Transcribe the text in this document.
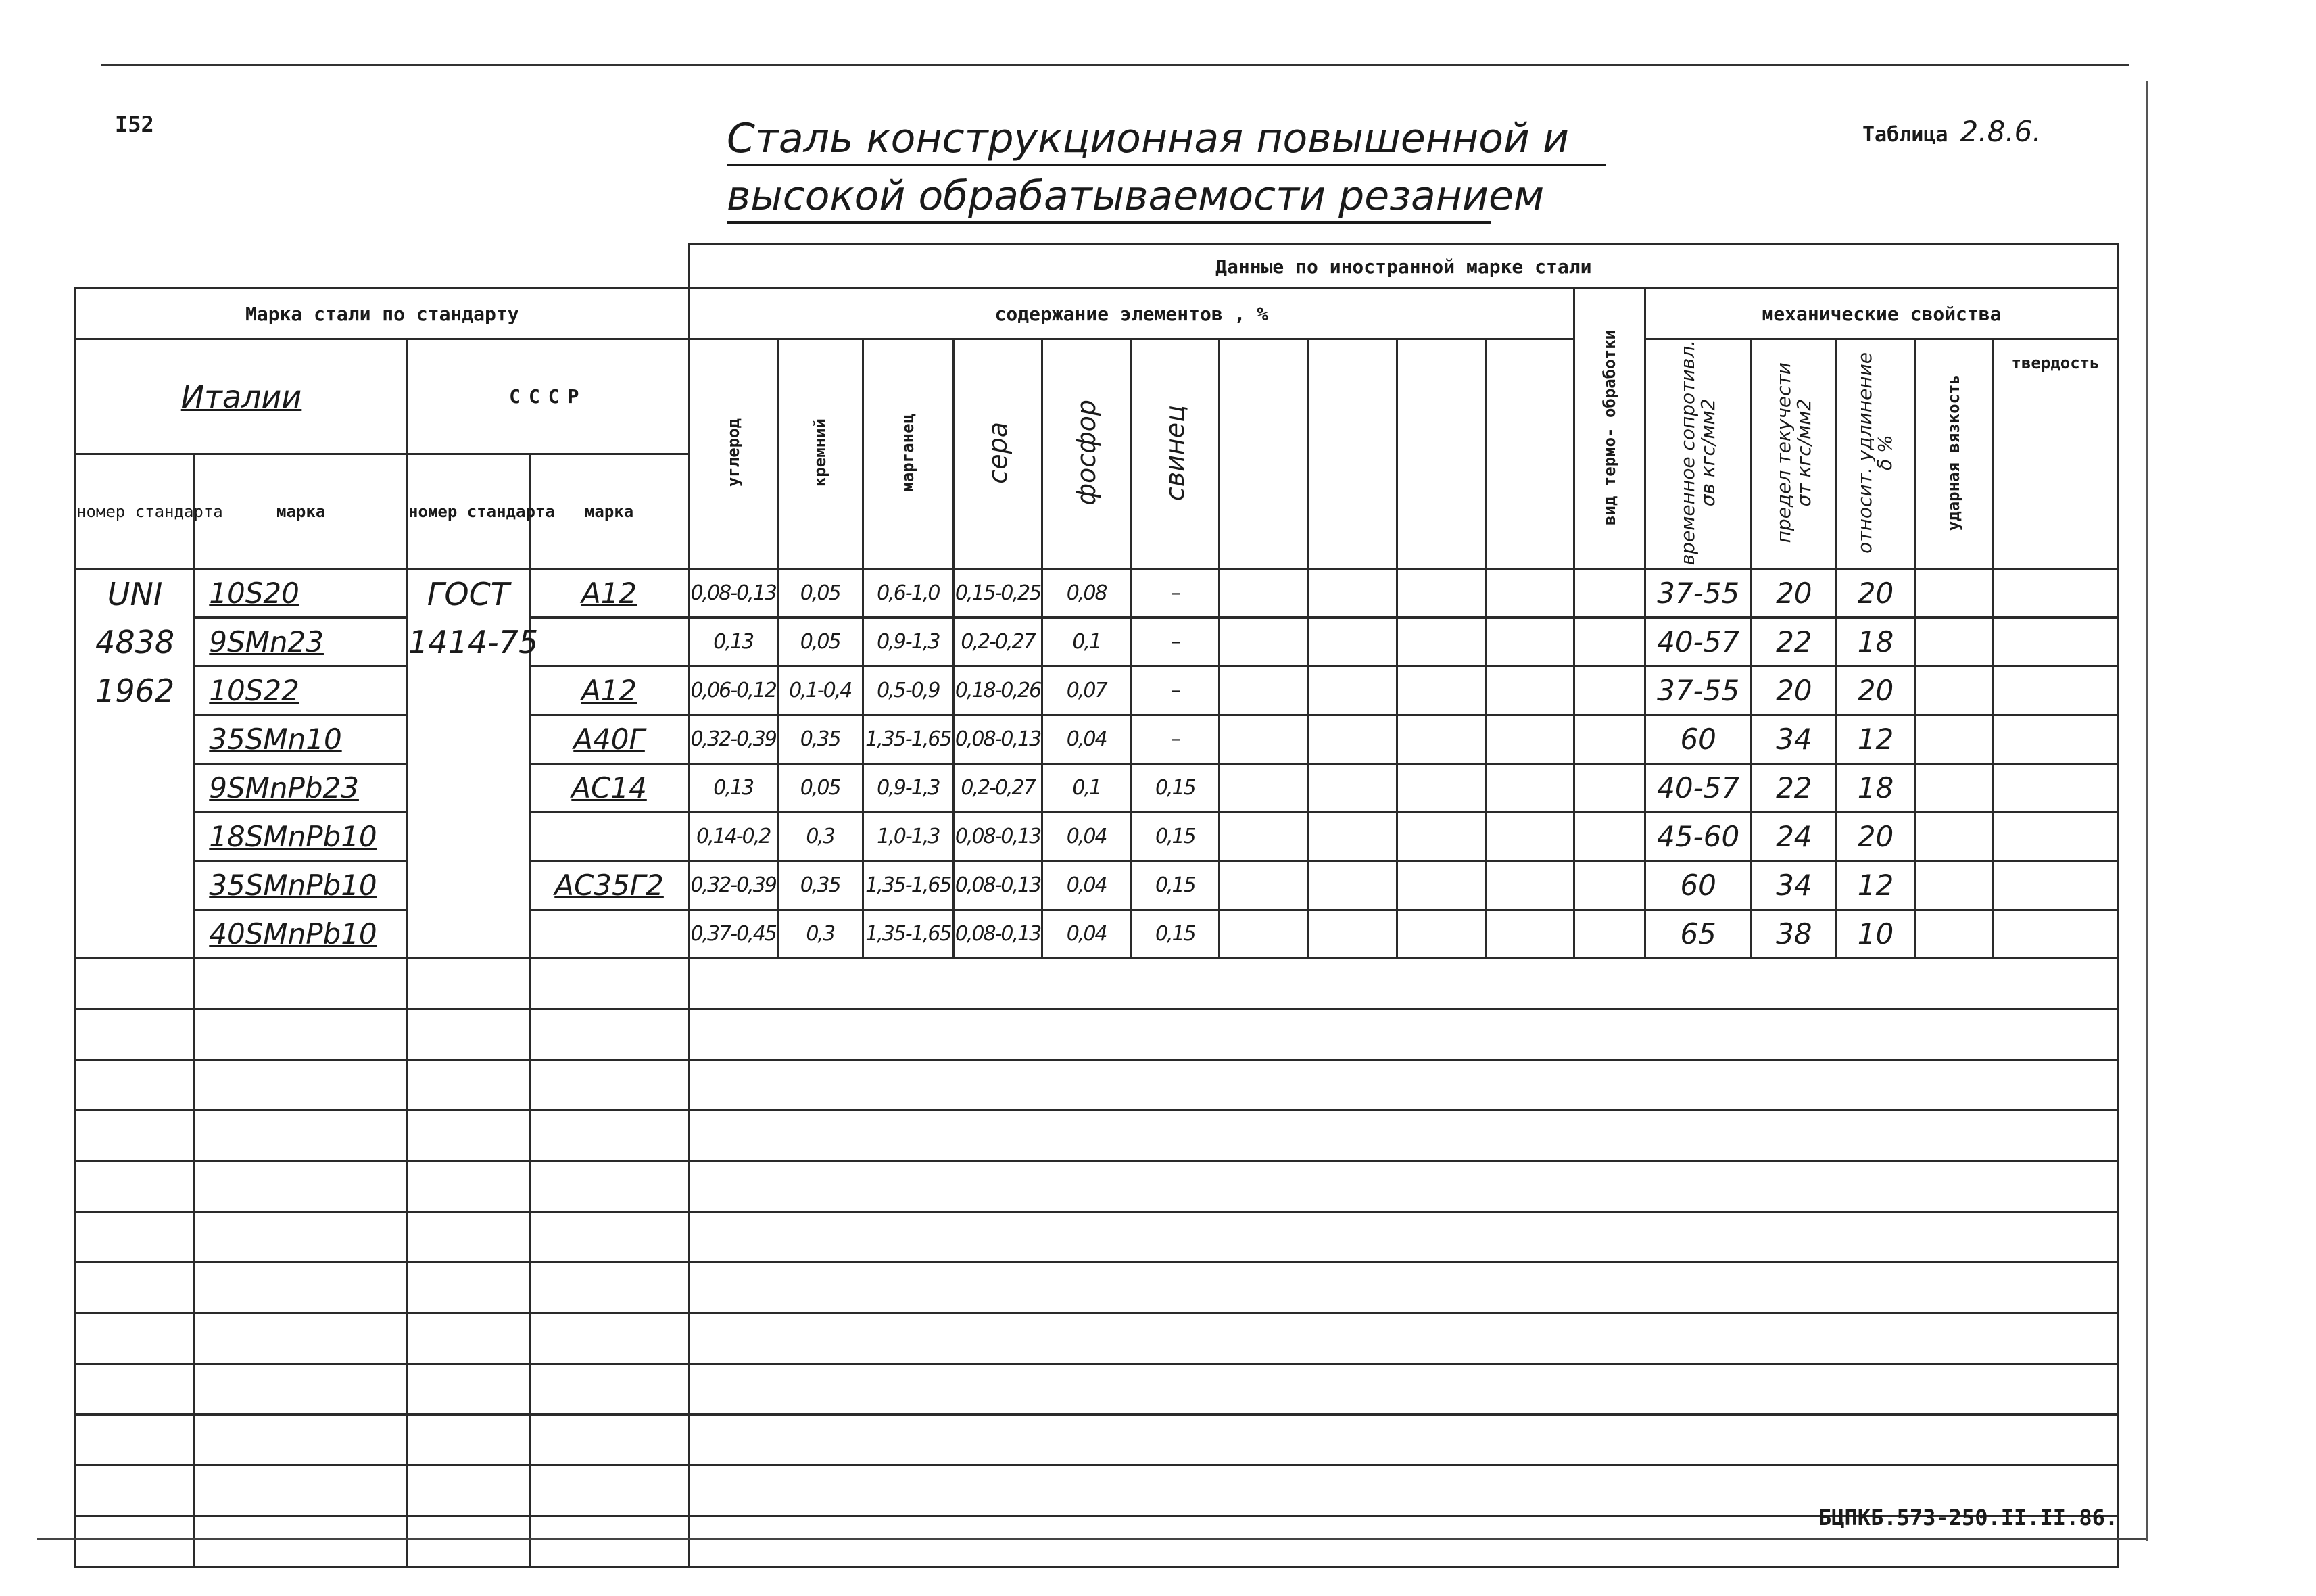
I52	Таблица 2.8.6.
Сталь конструкционная повышенной и
высокой обрабатываемости резанием
				Данные по иностранной марке стали															
Марка стали по стандарту				содержание элементов , %										вид термо- обработки	механические свойства				
Италии		СССР		углерод	кремний	марганец	сера	фосфор	свинец						временное сопротивл.
σв кгс/мм2	предел текучести
σт кгс/мм2	относит. удлинение
δ %	ударная вязкость	твердость
номер стандарта	марка	номер стандарта	марка																
UNI	10S20	ГОСТ	А12	0,08-0,13	0,05	0,6-1,0	0,15-0,25	0,08	–						37-55	20	20		
4838	9SMn23	1414-75		0,13	0,05	0,9-1,3	0,2-0,27	0,1	–						40-57	22	18		
1962	10S22		А12	0,06-0,12	0,1-0,4	0,5-0,9	0,18-0,26	0,07	–						37-55	20	20		
	35SMn10		А40Г	0,32-0,39	0,35	1,35-1,65	0,08-0,13	0,04	–						60	34	12		
	9SMnPb23		АС14	0,13	0,05	0,9-1,3	0,2-0,27	0,1	0,15						40-57	22	18		
	18SMnPb10			0,14-0,2	0,3	1,0-1,3	0,08-0,13	0,04	0,15						45-60	24	20		
	35SMnPb10		АС35Г2	0,32-0,39	0,35	1,35-1,65	0,08-0,13	0,04	0,15						60	34	12		
	40SMnPb10			0,37-0,45	0,3	1,35-1,65	0,08-0,13	0,04	0,15						65	38	10		

БЦПКБ.573-250.II.II.86.
